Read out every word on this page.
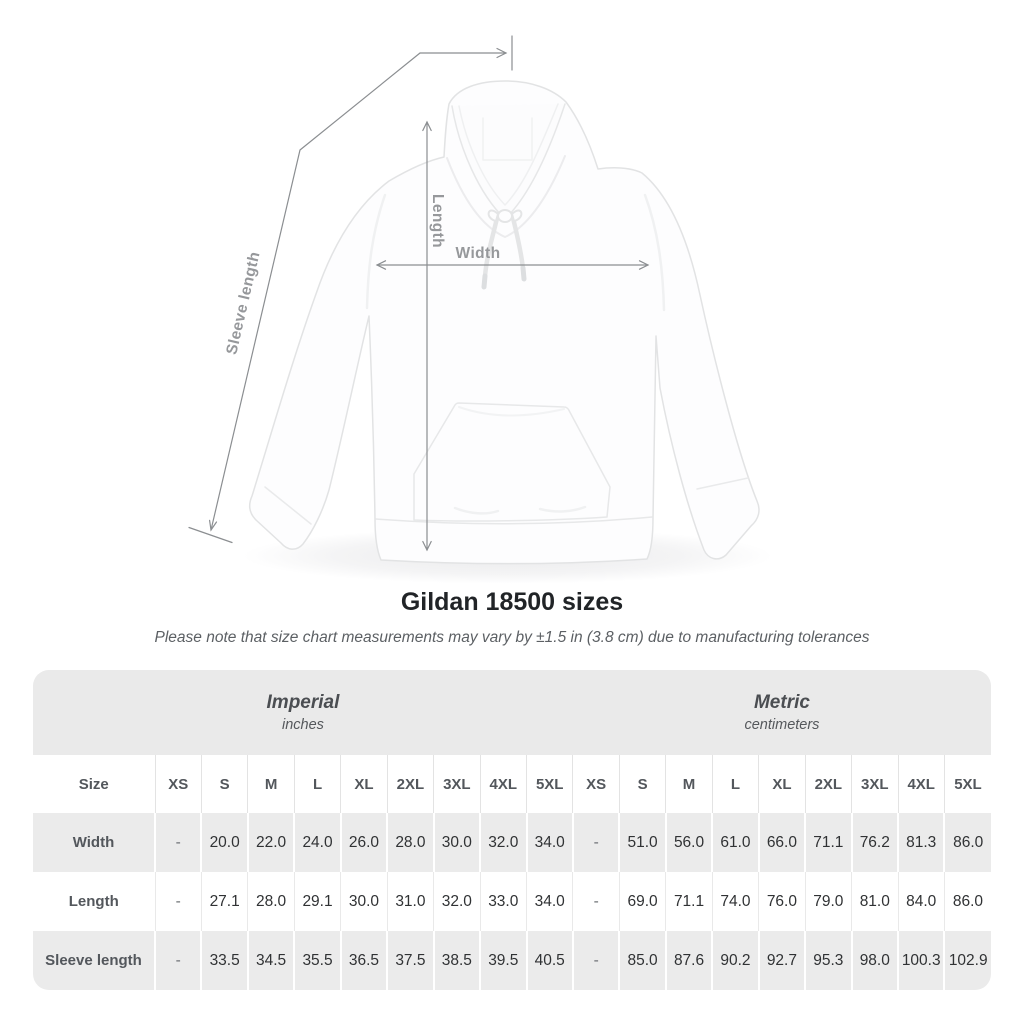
Sleeve length
Length
Width
Gildan 18500 sizes
Please note that size chart measurements may vary by ±1.5 in (3.8 cm) due to manufacturing tolerances
Imperial
inches

Metric
centimeters

Size	XS	S	M	L	XL	2XL	3XL	4XL	5XL	XS	S	M	L	XL	2XL	3XL	4XL	5XL
Width	-	20.0	22.0	24.0	26.0	28.0	30.0	32.0	34.0	-	51.0	56.0	61.0	66.0	71.1	76.2	81.3	86.0
Length	-	27.1	28.0	29.1	30.0	31.0	32.0	33.0	34.0	-	69.0	71.1	74.0	76.0	79.0	81.0	84.0	86.0
Sleeve length	-	33.5	34.5	35.5	36.5	37.5	38.5	39.5	40.5	-	85.0	87.6	90.2	92.7	95.3	98.0	100.3	102.9
